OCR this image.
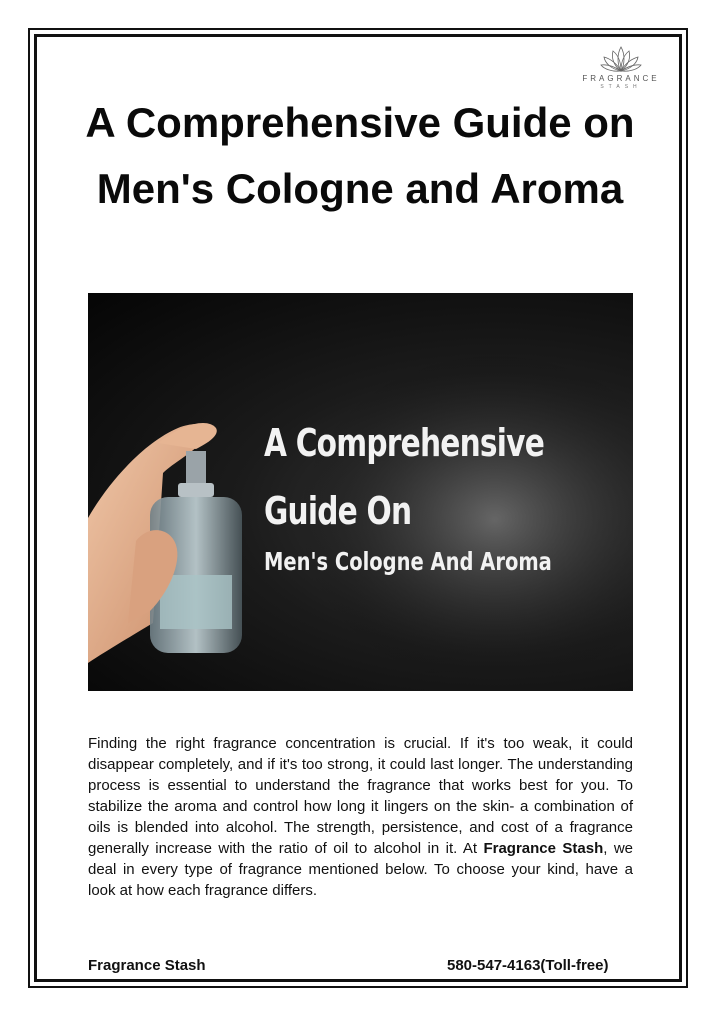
FRAGRANCE
STASH
A Comprehensive Guide on Men's Cologne and Aroma
A Comprehensive
Guide On
Men's Cologne And Aroma

Finding the right fragrance concentration is crucial. If it's too weak, it could disappear completely, and if it's too strong, it could last longer. The understanding process is essential to understand the fragrance that works best for you. To stabilize the aroma and control how long it lingers on the skin- a combination of oils is blended into alcohol. The strength, persistence, and cost of a fragrance generally increase with the ratio of oil to alcohol in it. At Fragrance Stash, we deal in every type of fragrance mentioned below. To choose your kind, have a look at how each fragrance differs.

Fragrance Stash	580-547-4163(Toll-free)
